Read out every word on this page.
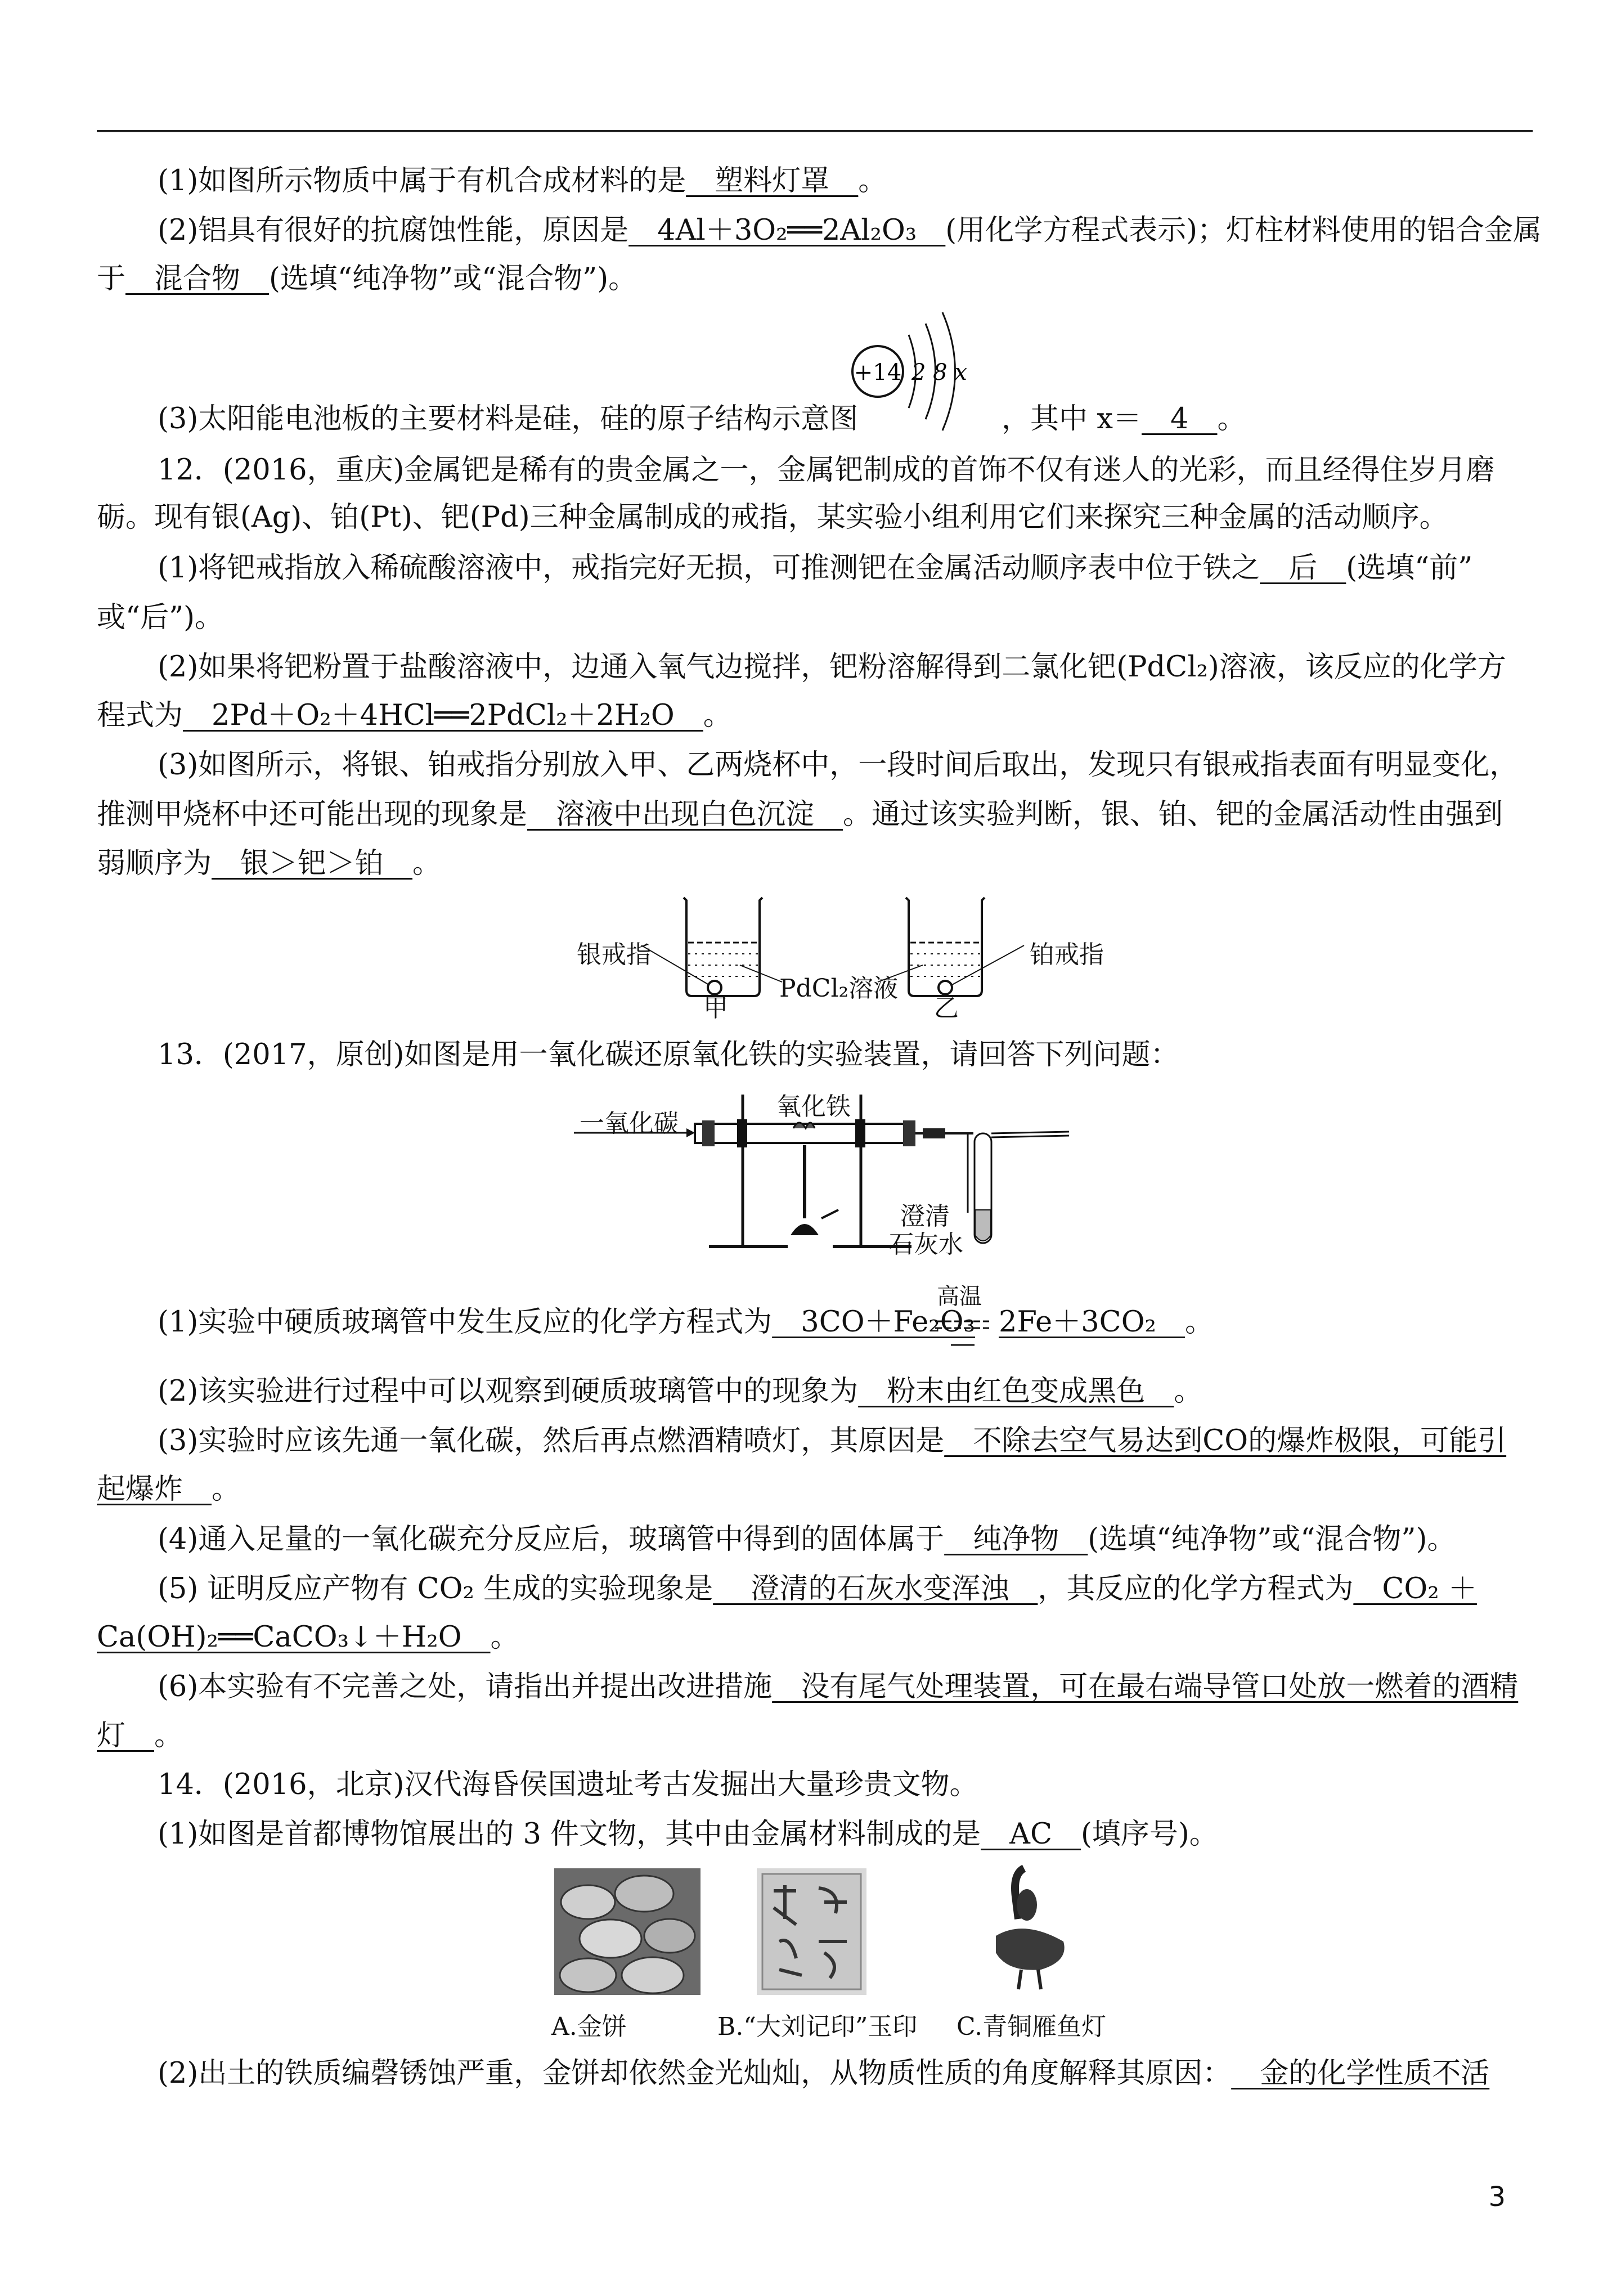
(1)如图所示物质中属于有机合成材料的是__塑料灯罩__。
(2)铝具有很好的抗腐蚀性能，原因是__4Al＋3O₂══2Al₂O₃__(用化学方程式表示)；灯柱材料使用的铝合金属
于__混合物__(选填“纯净物”或“混合物”)。
+14 2 8 x
(3)太阳能电池板的主要材料是硅，硅的原子结构示意图	，其中 x＝__4__。
12．(2016，重庆)金属钯是稀有的贵金属之一，金属钯制成的首饰不仅有迷人的光彩，而且经得住岁月磨
砺。现有银(Ag)、铂(Pt)、钯(Pd)三种金属制成的戒指，某实验小组利用它们来探究三种金属的活动顺序。
(1)将钯戒指放入稀硫酸溶液中，戒指完好无损，可推测钯在金属活动顺序表中位于铁之__后__(选填“前”
或“后”)。
(2)如果将钯粉置于盐酸溶液中，边通入氧气边搅拌，钯粉溶解得到二氯化钯(PdCl₂)溶液，该反应的化学方
程式为__2Pd＋O₂＋4HCl══2PdCl₂＋2H₂O__。
(3)如图所示，将银、铂戒指分别放入甲、乙两烧杯中，一段时间后取出，发现只有银戒指表面有明显变化，
推测甲烧杯中还可能出现的现象是__溶液中出现白色沉淀__。通过该实验判断，银、铂、钯的金属活动性由强到
弱顺序为__银＞钯＞铂__。
银戒指	铂戒指
PdCl₂溶液
甲	乙
13．(2017，原创)如图是用一氧化碳还原氧化铁的实验装置，请回答下列问题：
一氧化碳
氧化铁
澄清
石灰水
(1)实验中硬质玻璃管中发生反应的化学方程式为__3CO＋Fe₂O₃
高温
2Fe＋3CO₂__。
(2)该实验进行过程中可以观察到硬质玻璃管中的现象为__粉末由红色变成黑色__。
(3)实验时应该先通一氧化碳，然后再点燃酒精喷灯，其原因是__不除去空气易达到CO的爆炸极限，可能引
起爆炸__。
(4)通入足量的一氧化碳充分反应后，玻璃管中得到的固体属于__纯净物__(选填“纯净物”或“混合物”)。
(5) 证明反应产物有 CO₂ 生成的实验现象是__ 澄清的石灰水变浑浊__，其反应的化学方程式为__CO₂ ＋
Ca(OH)₂══CaCO₃↓＋H₂O__。
(6)本实验有不完善之处，请指出并提出改进措施__没有尾气处理装置，可在最右端导管口处放一燃着的酒精
灯__。
14．(2016，北京)汉代海昏侯国遗址考古发掘出大量珍贵文物。
(1)如图是首都博物馆展出的 3 件文物，其中由金属材料制成的是__AC__(填序号)。
A.金饼	B.“大刘记印”玉印 C.青铜雁鱼灯
(2)出土的铁质编磬锈蚀严重，金饼却依然金光灿灿，从物质性质的角度解释其原因：__金的化学性质不活
3
